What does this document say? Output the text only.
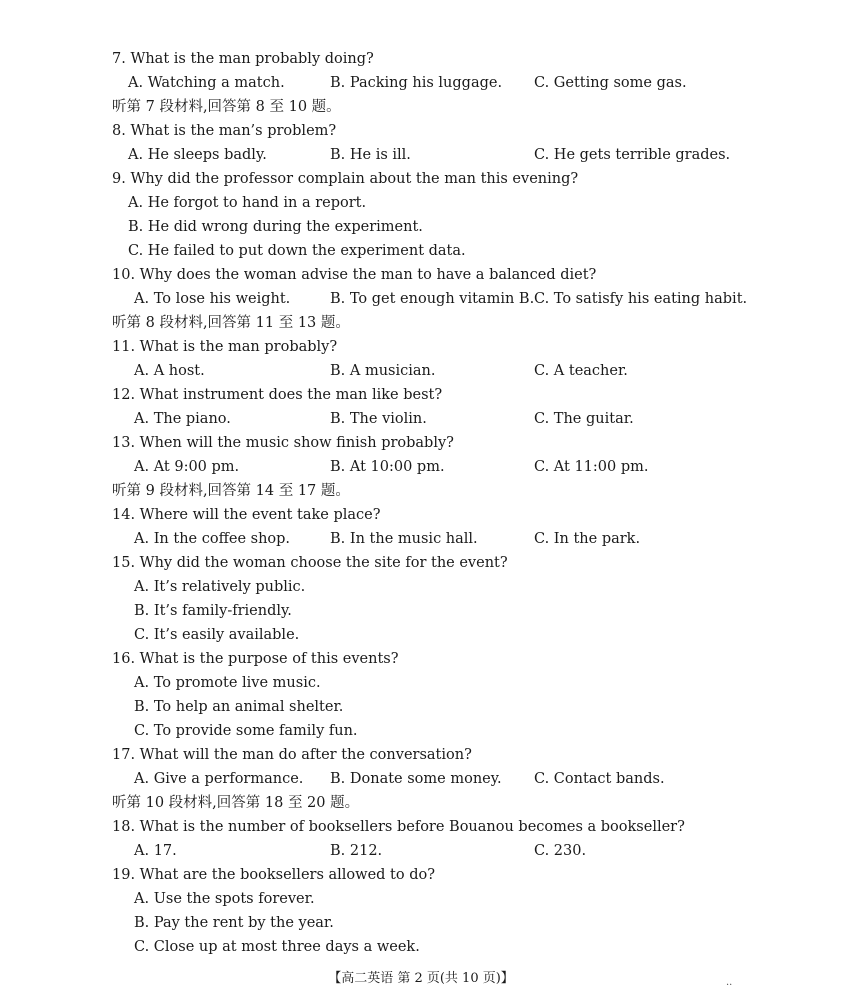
7. What is the man probably doing?
A. Watching a match.	B. Packing his luggage. C. Getting some gas.
听第 7 段材料,回答第 8 至 10 题。
8. What is the man’s problem?
A. He sleeps badly.	B. He is ill.	C. He gets terrible grades.
9. Why did the professor complain about the man this evening?
A. He forgot to hand in a report.
B. He did wrong during the experiment.
C. He failed to put down the experiment data.
10. Why does the woman advise the man to have a balanced diet?
A. To lose his weight.	B. To get enough vitamin B. C. To satisfy his eating habit.
听第 8 段材料,回答第 11 至 13 题。
11. What is the man probably?
A. A host.	B. A musician.	C. A teacher.
12. What instrument does the man like best?
A. The piano.	B. The violin.	C. The guitar.
13. When will the music show finish probably?
A. At 9:00 pm.	B. At 10:00 pm.	C. At 11:00 pm.
听第 9 段材料,回答第 14 至 17 题。
14. Where will the event take place?
A. In the coffee shop.	B. In the music hall.	C. In the park.
15. Why did the woman choose the site for the event?
A. It’s relatively public.
B. It’s family-friendly.
C. It’s easily available.
16. What is the purpose of this events?
A. To promote live music.
B. To help an animal shelter.
C. To provide some family fun.
17. What will the man do after the conversation?
A. Give a performance. B. Donate some money. C. Contact bands.
听第 10 段材料,回答第 18 至 20 题。
18. What is the number of booksellers before Bouanou becomes a bookseller?
A. 17.	B. 212.	C. 230.
19. What are the booksellers allowed to do?
A. Use the spots forever.
B. Pay the rent by the year.
C. Close up at most three days a week.
【高二英语 第 2 页(共 10 页)】	··
